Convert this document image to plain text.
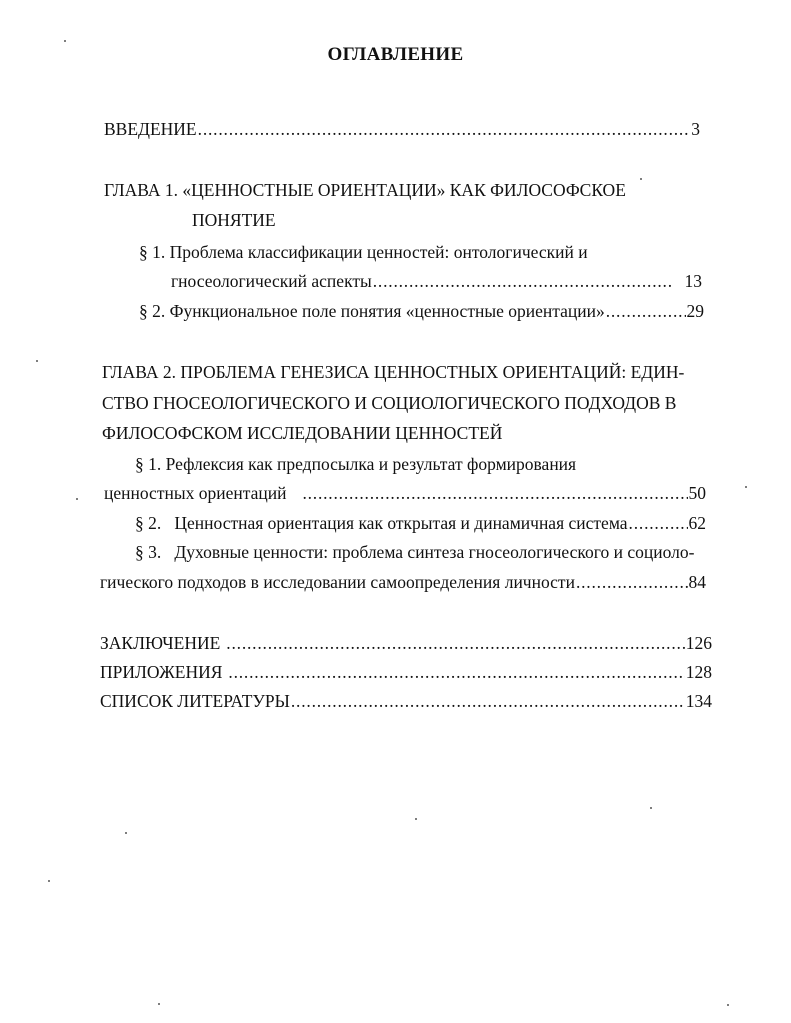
ОГЛАВЛЕНИЕ
ВВЕДЕНИЕ .....	3
ГЛАВА 1. «ЦЕННОСТНЫЕ ОРИЕНТАЦИИ» КАК ФИЛОСОФСКОЕ
ПОНЯТИЕ
§ 1. Проблема классификации ценностей: онтологический и
гносеологический аспекты .....	13
§ 2. Функциональное поле понятия «ценностные ориентации» .....	29
ГЛАВА 2. ПРОБЛЕМА ГЕНЕЗИСА ЦЕННОСТНЫХ ОРИЕНТАЦИЙ: ЕДИН-
СТВО ГНОСЕОЛОГИЧЕСКОГО И СОЦИОЛОГИЧЕСКОГО ПОДХОДОВ В
ФИЛОСОФСКОМ ИССЛЕДОВАНИИ ЦЕННОСТЕЙ
§ 1. Рефлексия как предпосылка и результат формирования
ценностных ориентаций .....	50
§ 2.   Ценностная ориентация как открытая и динамичная система .....	62
§ 3.   Духовные ценности: проблема синтеза гносеологического и социоло-
гического подходов в исследовании самоопределения личности .....	84
ЗАКЛЮЧЕНИЕ .....	126
ПРИЛОЖЕНИЯ .....	128
СПИСОК ЛИТЕРАТУРЫ .....	134
